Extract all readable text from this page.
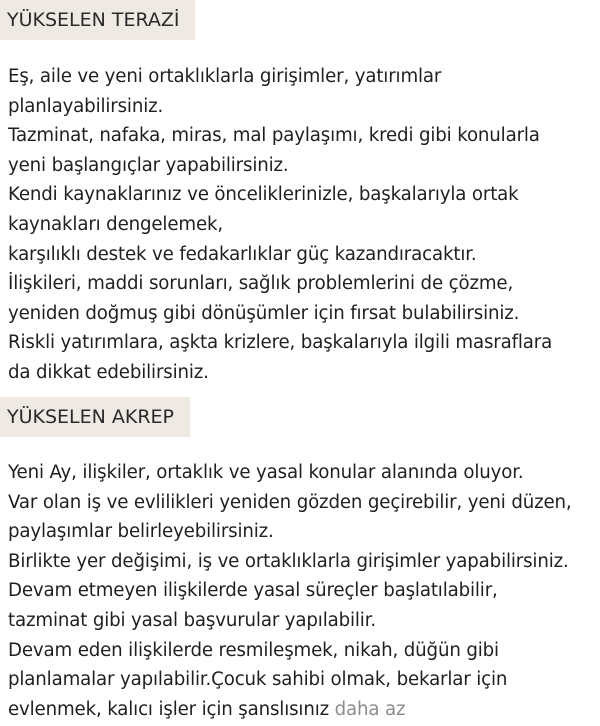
YÜKSELEN TERAZİ
Eş, aile ve yeni ortaklıklarla girişimler, yatırımlar
planlayabilirsiniz.
Tazminat, nafaka, miras, mal paylaşımı, kredi gibi konularla
yeni başlangıçlar yapabilirsiniz.
Kendi kaynaklarınız ve önceliklerinizle, başkalarıyla ortak
kaynakları dengelemek,
karşılıklı destek ve fedakarlıklar güç kazandıracaktır.
İlişkileri, maddi sorunları, sağlık problemlerini de çözme,
yeniden doğmuş gibi dönüşümler için fırsat bulabilirsiniz.
Riskli yatırımlara, aşkta krizlere, başkalarıyla ilgili masraflara
da dikkat edebilirsiniz.
YÜKSELEN AKREP
Yeni Ay, ilişkiler, ortaklık ve yasal konular alanında oluyor.
Var olan iş ve evlilikleri yeniden gözden geçirebilir, yeni düzen,
paylaşımlar belirleyebilirsiniz.
Birlikte yer değişimi, iş ve ortaklıklarla girişimler yapabilirsiniz.
Devam etmeyen ilişkilerde yasal süreçler başlatılabilir,
tazminat gibi yasal başvurular yapılabilir.
Devam eden ilişkilerde resmileşmek, nikah, düğün gibi
planlamalar yapılabilir.Çocuk sahibi olmak, bekarlar için
evlenmek, kalıcı işler için şanslısınız daha az
